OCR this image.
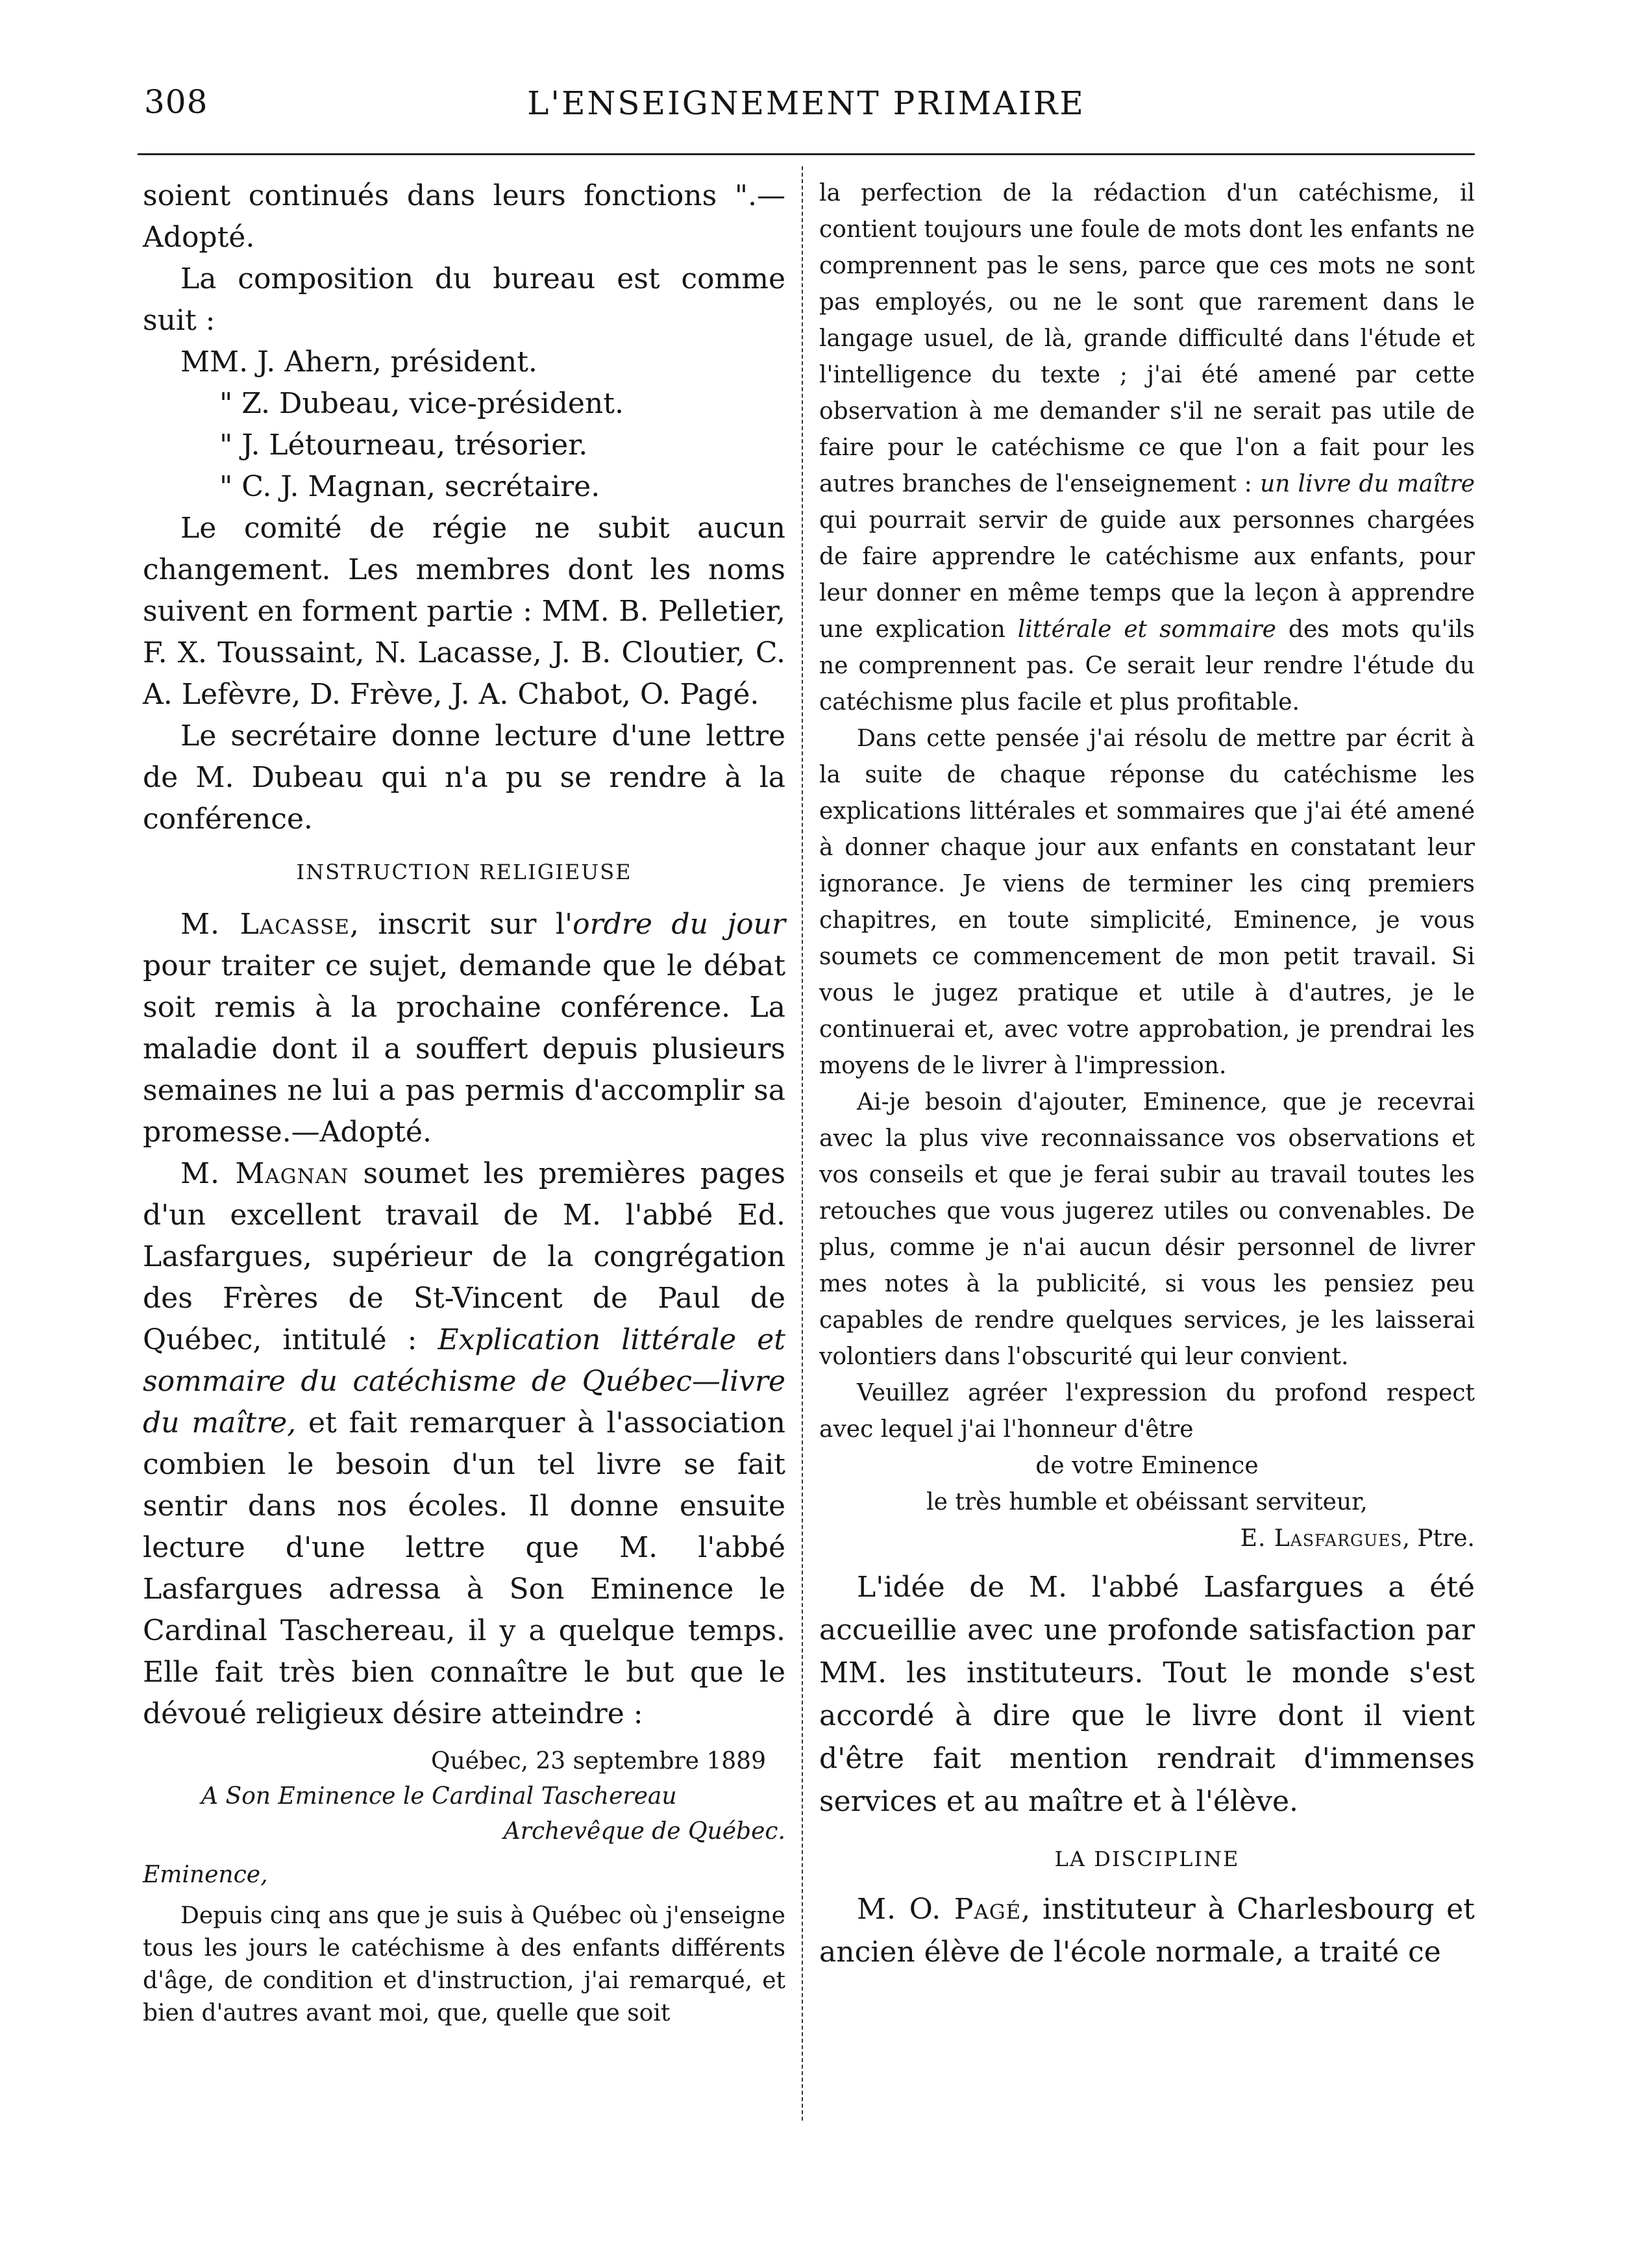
308	L'ENSEIGNEMENT PRIMAIRE

soient continués dans leurs fonctions ".— Adopté.

La composition du bureau est comme suit :

MM. J. Ahern, président.
" Z. Dubeau, vice-président.
" J. Létourneau, trésorier.
" C. J. Magnan, secrétaire.

Le comité de régie ne subit aucun changement. Les membres dont les noms suivent en forment partie : MM. B. Pelletier, F. X. Toussaint, N. Lacasse, J. B. Cloutier, C. A. Lefèvre, D. Frève, J. A. Chabot, O. Pagé.

Le secrétaire donne lecture d'une lettre de M. Dubeau qui n'a pu se rendre à la conférence.

INSTRUCTION RELIGIEUSE

M. Lacasse, inscrit sur l'ordre du jour pour traiter ce sujet, demande que le débat soit remis à la prochaine conférence. La maladie dont il a souffert depuis plusieurs semaines ne lui a pas permis d'accomplir sa promesse.—Adopté.

M. Magnan soumet les premières pages d'un excellent travail de M. l'abbé Ed. Lasfargues, supérieur de la congrégation des Frères de St-Vincent de Paul de Québec, intitulé : Explication littérale et sommaire du catéchisme de Québec—livre du maître, et fait remarquer à l'association combien le besoin d'un tel livre se fait sentir dans nos écoles. Il donne ensuite lecture d'une lettre que M. l'abbé Lasfargues adressa à Son Eminence le Cardinal Taschereau, il y a quelque temps. Elle fait très bien connaître le but que le dévoué religieux désire atteindre :

Québec, 23 septembre 1889
A Son Eminence le Cardinal Taschereau
Archevêque de Québec.
Eminence,

Depuis cinq ans que je suis à Québec où j'enseigne tous les jours le catéchisme à des enfants différents d'âge, de condition et d'instruction, j'ai remarqué, et bien d'autres avant moi, que, quelle que soit

la perfection de la rédaction d'un catéchisme, il contient toujours une foule de mots dont les enfants ne comprennent pas le sens, parce que ces mots ne sont pas employés, ou ne le sont que rarement dans le langage usuel, de là, grande difficulté dans l'étude et l'intelligence du texte ; j'ai été amené par cette observation à me demander s'il ne serait pas utile de faire pour le catéchisme ce que l'on a fait pour les autres branches de l'enseignement : un livre du maître qui pourrait servir de guide aux personnes chargées de faire apprendre le catéchisme aux enfants, pour leur donner en même temps que la leçon à apprendre une explication littérale et sommaire des mots qu'ils ne comprennent pas. Ce serait leur rendre l'étude du catéchisme plus facile et plus profitable.

Dans cette pensée j'ai résolu de mettre par écrit à la suite de chaque réponse du catéchisme les explications littérales et sommaires que j'ai été amené à donner chaque jour aux enfants en constatant leur ignorance. Je viens de terminer les cinq premiers chapitres, en toute simplicité, Eminence, je vous soumets ce commencement de mon petit travail. Si vous le jugez pratique et utile à d'autres, je le continuerai et, avec votre approbation, je prendrai les moyens de le livrer à l'impression.

Ai-je besoin d'ajouter, Eminence, que je recevrai avec la plus vive reconnaissance vos observations et vos conseils et que je ferai subir au travail toutes les retouches que vous jugerez utiles ou convenables. De plus, comme je n'ai aucun désir personnel de livrer mes notes à la publicité, si vous les pensiez peu capables de rendre quelques services, je les laisserai volontiers dans l'obscurité qui leur convient.

Veuillez agréer l'expression du profond respect avec lequel j'ai l'honneur d'être

de votre Eminence
le très humble et obéissant serviteur,
E. Lasfargues, Ptre.

L'idée de M. l'abbé Lasfargues a été accueillie avec une profonde satisfaction par MM. les instituteurs. Tout le monde s'est accordé à dire que le livre dont il vient d'être fait mention rendrait d'immenses services et au maître et à l'élève.

LA DISCIPLINE

M. O. Pagé, instituteur à Charlesbourg et ancien élève de l'école normale, a traité ce
